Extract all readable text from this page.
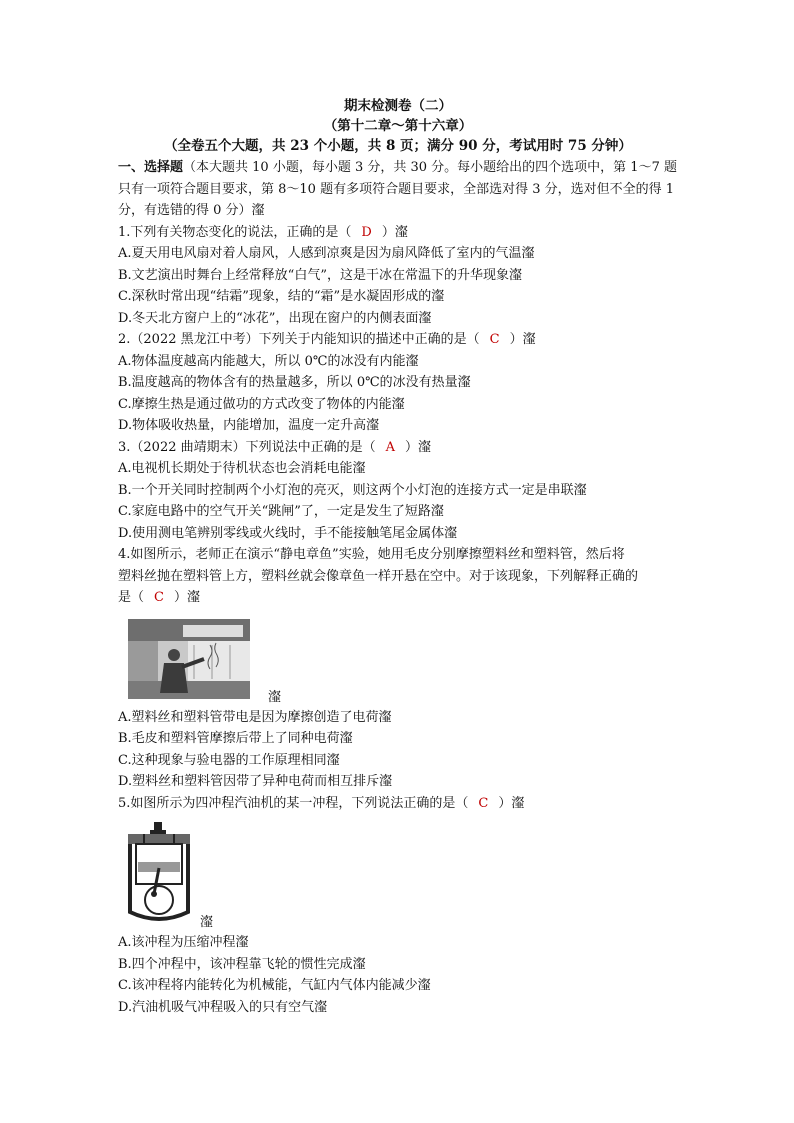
期末检测卷（二）
（第十二章～第十六章）
（全卷五个大题，共 23 个小题，共 8 页；满分 90 分，考试用时 75 分钟）
一、选择题（本大题共 10 小题，每小题 3 分，共 30 分。每小题给出的四个选项中，第 1～7 题只有一项符合题目要求，第 8～10 题有多项符合题目要求，全部选对得 3 分，选对但不全的得 1 分，有选错的得 0 分）瀣
1.下列有关物态变化的说法，正确的是（ D ）瀣
A.夏天用电风扇对着人扇风，人感到凉爽是因为扇风降低了室内的气温瀣
B.文艺演出时舞台上经常释放“白气”，这是干冰在常温下的升华现象瀣
C.深秋时常出现“结霜”现象，结的“霜”是水凝固形成的瀣
D.冬天北方窗户上的“冰花”，出现在窗户的内侧表面瀣
2.（2022 黑龙江中考）下列关于内能知识的描述中正确的是（ C ）瀣
A.物体温度越高内能越大，所以 0℃的冰没有内能瀣
B.温度越高的物体含有的热量越多，所以 0℃的冰没有热量瀣
C.摩擦生热是通过做功的方式改变了物体的内能瀣
D.物体吸收热量，内能增加，温度一定升高瀣
3.（2022 曲靖期末）下列说法中正确的是（ A ）瀣
A.电视机长期处于待机状态也会消耗电能瀣
B.一个开关同时控制两个小灯泡的亮灭，则这两个小灯泡的连接方式一定是串联瀣
C.家庭电路中的空气开关“跳闸”了，一定是发生了短路瀣
D.使用测电笔辨别零线或火线时，手不能接触笔尾金属体瀣
4.如图所示，老师正在演示“静电章鱼”实验，她用毛皮分别摩擦塑料丝和塑料管，然后将
塑料丝抛在塑料管上方，塑料丝就会像章鱼一样开悬在空中。对于该现象，下列解释正确的
是（ C ）瀣
瀣
A.塑料丝和塑料管带电是因为摩擦创造了电荷瀣
B.毛皮和塑料管摩擦后带上了同种电荷瀣
C.这种现象与验电器的工作原理相同瀣
D.塑料丝和塑料管因带了异种电荷而相互排斥瀣
5.如图所示为四冲程汽油机的某一冲程，下列说法正确的是（ C ）瀣
瀣
A.该冲程为压缩冲程瀣
B.四个冲程中，该冲程靠飞轮的惯性完成瀣
C.该冲程将内能转化为机械能，气缸内气体内能减少瀣
D.汽油机吸气冲程吸入的只有空气瀣
